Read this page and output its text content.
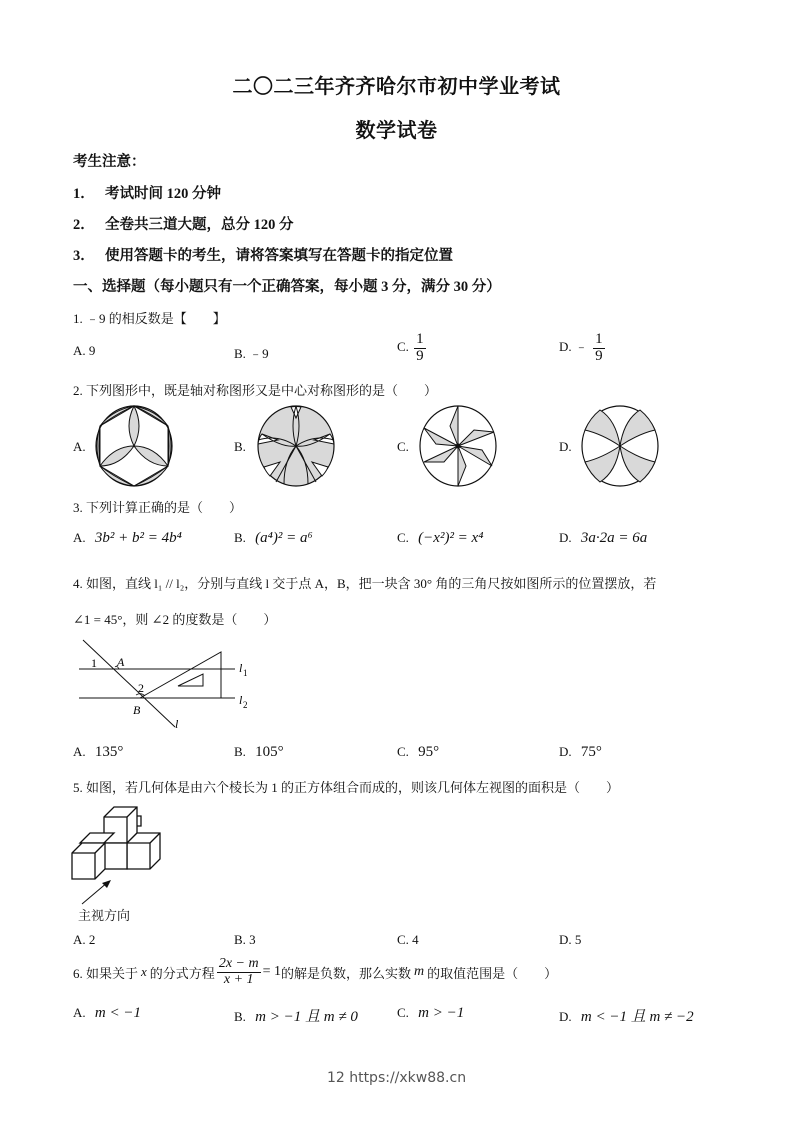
二〇二三年齐齐哈尔市初中学业考试
数学试卷
考生注意：
1． 考试时间 120 分钟
2． 全卷共三道大题，总分 120 分
3． 使用答题卡的考生，请将答案填写在答题卡的指定位置
一、选择题（每小题只有一个正确答案，每小题 3 分，满分 30 分）
1. ﹣9 的相反数是【　　】
A. 9	B. ﹣9	C. $\frac{1}{9}$	D. ﹣ $\frac{1}{9}$
2. 下列图形中，既是轴对称图形又是中心对称图形的是（　　）
A.	B.	C.	D.
3. 下列计算正确的是（　　）
A. 3b² + b² = 4b⁴	B. (a⁴)² = a⁶	C. (−x²)² = x⁴	D. 3a·2a = 6a
4. 如图，直线 l₁ // l₂，分别与直线 l 交于点 A，B，把一块含 30° 角的三角尺按如图所示的位置摆放，若
∠1 = 45°，则 ∠2 的度数是（　　）
1 A
2
B
l
l 1
l 2
A. 135°	B. 105°	C. 95°	D. 75°
5. 如图，若几何体是由六个棱长为 1 的正方体组合而成的，则该几何体左视图的面积是（　　）
主视方向
A. 2	B. 3	C. 4	D. 5
6. 如果关于 x 的分式方程 $\frac{2x - m}{x + 1} = 1$ 的解是负数，那么实数 m 的取值范围是（　　）
A. m < −1	B. m > −1 且 m ≠ 0	C. m > −1	D. m < −1 且 m ≠ −2
12 https://xkw88.cn
